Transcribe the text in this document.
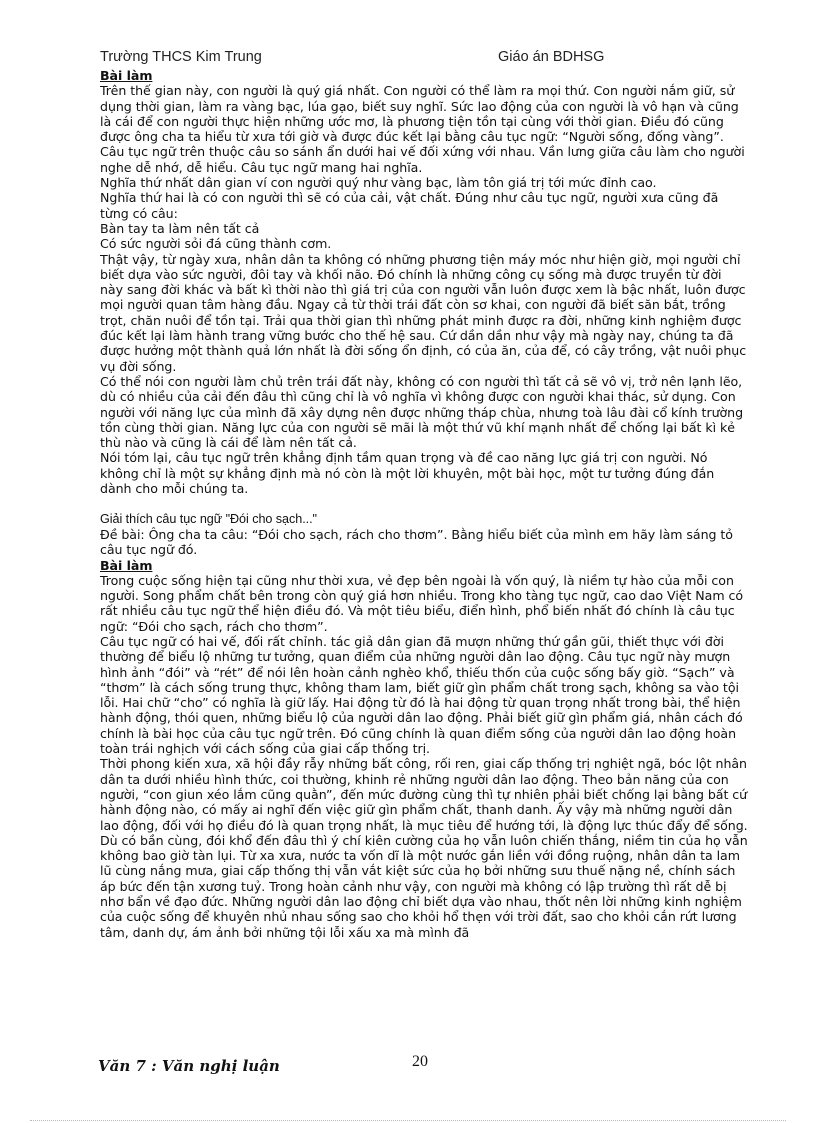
Trường THCS Kim Trung	Giáo án BDHSG

Bài làm

Trên thế gian này, con người là quý giá nhất. Con người có thể làm ra mọi thứ. Con người nắm giữ, sử dụng thời gian, làm ra vàng bạc, lúa gạo, biết suy nghĩ. Sức lao động của con người là vô hạn và cũng là cái để con người thực hiện những ước mơ, là phương tiện tồn tại cùng với thời gian. Điều đó cũng được ông cha ta hiểu từ xưa tới giờ và được đúc kết lại bằng câu tục ngữ: “Người sống, đống vàng”.

Câu tục ngữ trên thuộc câu so sánh ẩn dưới hai vế đối xứng với nhau. Vần lưng giữa câu làm cho người nghe dễ nhớ, dễ hiểu. Câu tục ngữ mang hai nghĩa.

Nghĩa thứ nhất dân gian ví con người quý như vàng bạc, làm tôn giá trị tới mức đỉnh cao.

Nghĩa thứ hai là có con người thì sẽ có của cải, vật chất. Đúng như câu tục ngữ, người xưa cũng đã từng có câu:

Bàn tay ta làm nên tất cả

Có sức người sỏi đá cũng thành cơm.

Thật vậy, từ ngày xưa, nhân dân ta không có những phương tiện máy móc như hiện giờ, mọi người chỉ biết dựa vào sức người, đôi tay và khối não. Đó chính là những công cụ sống mà được truyền từ đời này sang đời khác và bất kì thời nào thì giá trị của con người vẫn luôn được xem là bậc nhất, luôn được mọi người quan tâm hàng đầu. Ngay cả từ thời trái đất còn sơ khai, con người đã biết săn bắt, trồng trọt, chăn nuôi để tồn tại. Trải qua thời gian thì những phát minh được ra đời, những kinh nghiệm được đúc kết lại làm hành trang vững bước cho thế hệ sau. Cứ dần dần như vậy mà ngày nay, chúng ta đã được hưởng một thành quả lớn nhất là đời sống ổn định, có của ăn, của để, có cây trồng, vật nuôi phục vụ đời sống.

Có thể nói con người làm chủ trên trái đất này, không có con người thì tất cả sẽ vô vị, trở nên lạnh lẽo, dù có nhiều của cải đến đâu thì cũng chỉ là vô nghĩa vì không được con người khai thác, sử dụng. Con người với năng lực của mình đã xây dựng nên được những tháp chùa, nhưng toà lâu đài cổ kính trường tồn cùng thời gian. Năng lực của con người sẽ mãi là một thứ vũ khí mạnh nhất để chống lại bất kì kẻ thù nào và cũng là cái để làm nên tất cả.

Nói tóm lại, câu tục ngữ trên khẳng định tầm quan trọng và đề cao năng lực giá trị con người. Nó không chỉ là một sự khẳng định mà nó còn là một lời khuyên, một bài học, một tư tưởng đúng đắn dành cho mỗi chúng ta.

Giải thích câu tục ngữ "Đói cho sạch..."

Đề bài: Ông cha ta câu: “Đói cho sạch, rách cho thơm”. Bằng hiểu biết của mình em hãy làm sáng tỏ câu tục ngữ đó.

Bài làm

Trong cuộc sống hiện tại cũng như thời xưa, vẻ đẹp bên ngoài là vốn quý, là niềm tự hào của mỗi con người. Song phẩm chất bên trong còn quý giá hơn nhiều. Trong kho tàng tục ngữ, cao dao Việt Nam có rất nhiều câu tục ngữ thể hiện điều đó. Và một tiêu biểu, điển hình, phổ biến nhất đó chính là câu tục ngữ: “Đói cho sạch, rách cho thơm”.

Câu tục ngữ có hai vế, đối rất chỉnh. tác giả dân gian đã mượn những thứ gần gũi, thiết thực với đời thường để biểu lộ những tư tưởng, quan điểm của những người dân lao động. Câu tục ngữ này mượn hình ảnh “đói” và “rét” để nói lên hoàn cảnh nghèo khổ, thiếu thốn của cuộc sống bấy giờ. “Sạch” và “thơm” là cách sống trung thực, không tham lam, biết giữ gìn phẩm chất trong sạch, không sa vào tội lỗi. Hai chữ “cho” có nghĩa là giữ lấy. Hai động từ đó là hai động từ quan trọng nhất trong bài, thể hiện hành động, thói quen, những biểu lộ của người dân lao động. Phải biết giữ gìn phẩm giá, nhân cách đó chính là bài học của câu tục ngữ trên. Đó cũng chính là quan điểm sống của người dân lao động hoàn toàn trái nghịch với cách sống của giai cấp thống trị.

Thời phong kiến xưa, xã hội đầy rẫy những bất công, rối ren, giai cấp thống trị nghiệt ngã, bóc lột nhân dân ta dưới nhiều hình thức, coi thường, khinh rẻ những người dân lao động. Theo bản năng của con người, “con giun xéo lắm cũng quằn”, đến mức đường cùng thì tự nhiên phải biết chống lại bằng bất cứ hành động nào, có mấy ai nghĩ đến việc giữ gìn phẩm chất, thanh danh. Ấy vậy mà những người dân lao động, đối với họ điều đó là quan trọng nhất, là mục tiêu để hướng tới, là động lực thúc đẩy để sống. Dù có bần cùng, đói khổ đến đâu thì ý chí kiên cường của họ vẫn luôn chiến thắng, niềm tin của họ vẫn không bao giờ tàn lụi. Từ xa xưa, nước ta vốn dĩ là một nước gắn liền với đồng ruộng, nhân dân ta lam lũ cùng nắng mưa, giai cấp thống thị vẫn vắt kiệt sức của họ bởi những sưu thuế nặng nề, chính sách áp bức đến tận xương tuỷ. Trong hoàn cảnh như vậy, con người mà không có lập trường thì rất dễ bị nhơ bẩn về đạo đức. Những người dân lao động chỉ biết dựa vào nhau, thốt nên lời những kinh nghiệm của cuộc sống để khuyên nhủ nhau sống sao cho khỏi hổ thẹn với trời đất, sao cho khỏi cắn rứt lương tâm, danh dự, ám ảnh bởi những tội lỗi xấu xa mà mình đã

Văn 7 : Văn nghị luận	20
